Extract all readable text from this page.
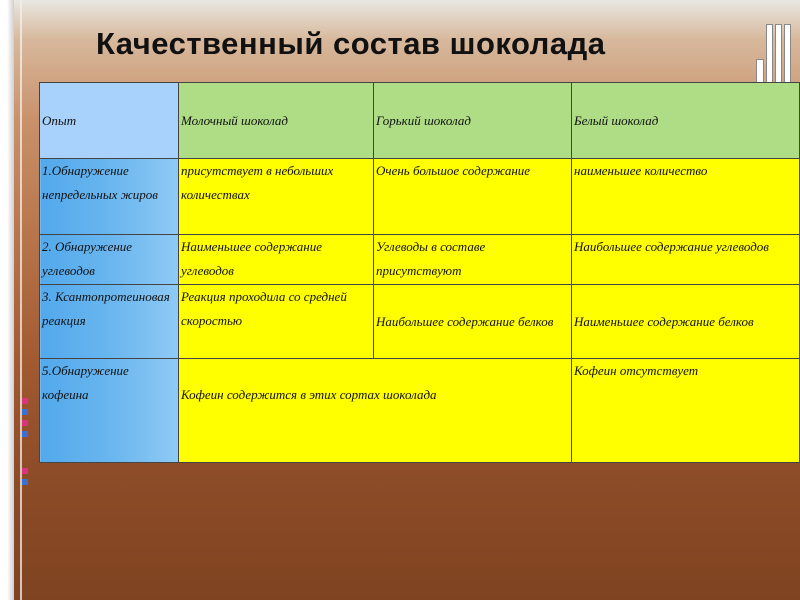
Качественный состав шоколада
Опыт	Молочный шоколад	Горький шоколад	Белый шоколад
1.Обнаружение непредельных жиров	присутствует в небольших количествах	Очень большое содержание	наименьшее количество
2. Обнаружение углеводов	Наименьшее содержание углеводов	Углеводы в составе присутствуют	Наибольшее содержание углеводов
3. Ксантопротеиновая реакция	Реакция проходила со средней скоростью	Наибольшее содержание белков	Наименьшее содержание белков
5.Обнаружение кофеина	Кофеин содержится в этих сортах шоколада		Кофеин отсутствует
